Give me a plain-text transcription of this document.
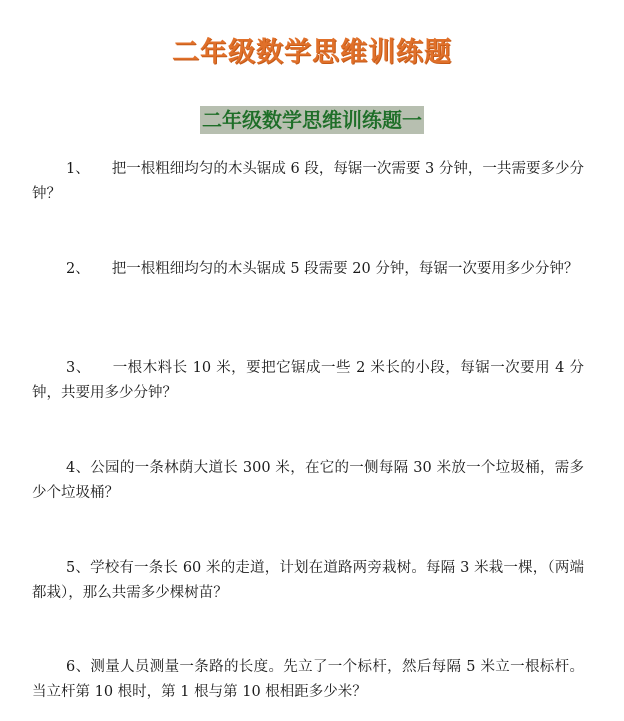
二年级数学思维训练题
二年级数学思维训练题一
1、 把一根粗细均匀的木头锯成 6 段，每锯一次需要 3 分钟，一共需要多少分钟？
2、 把一根粗细均匀的木头锯成 5 段需要 20 分钟，每锯一次要用多少分钟？
3、 一根木料长 10 米，要把它锯成一些 2 米长的小段，每锯一次要用 4 分钟，共要用多少分钟？
4、公园的一条林荫大道长 300 米，在它的一侧每隔 30 米放一个垃圾桶，需多少个垃圾桶？
5、学校有一条长 60 米的走道，计划在道路两旁栽树。每隔 3 米栽一棵，（两端都栽），那么共需多少棵树苗？
6、测量人员测量一条路的长度。先立了一个标杆，然后每隔 5 米立一根标杆。当立杆第 10 根时，第 1 根与第 10 根相距多少米？
